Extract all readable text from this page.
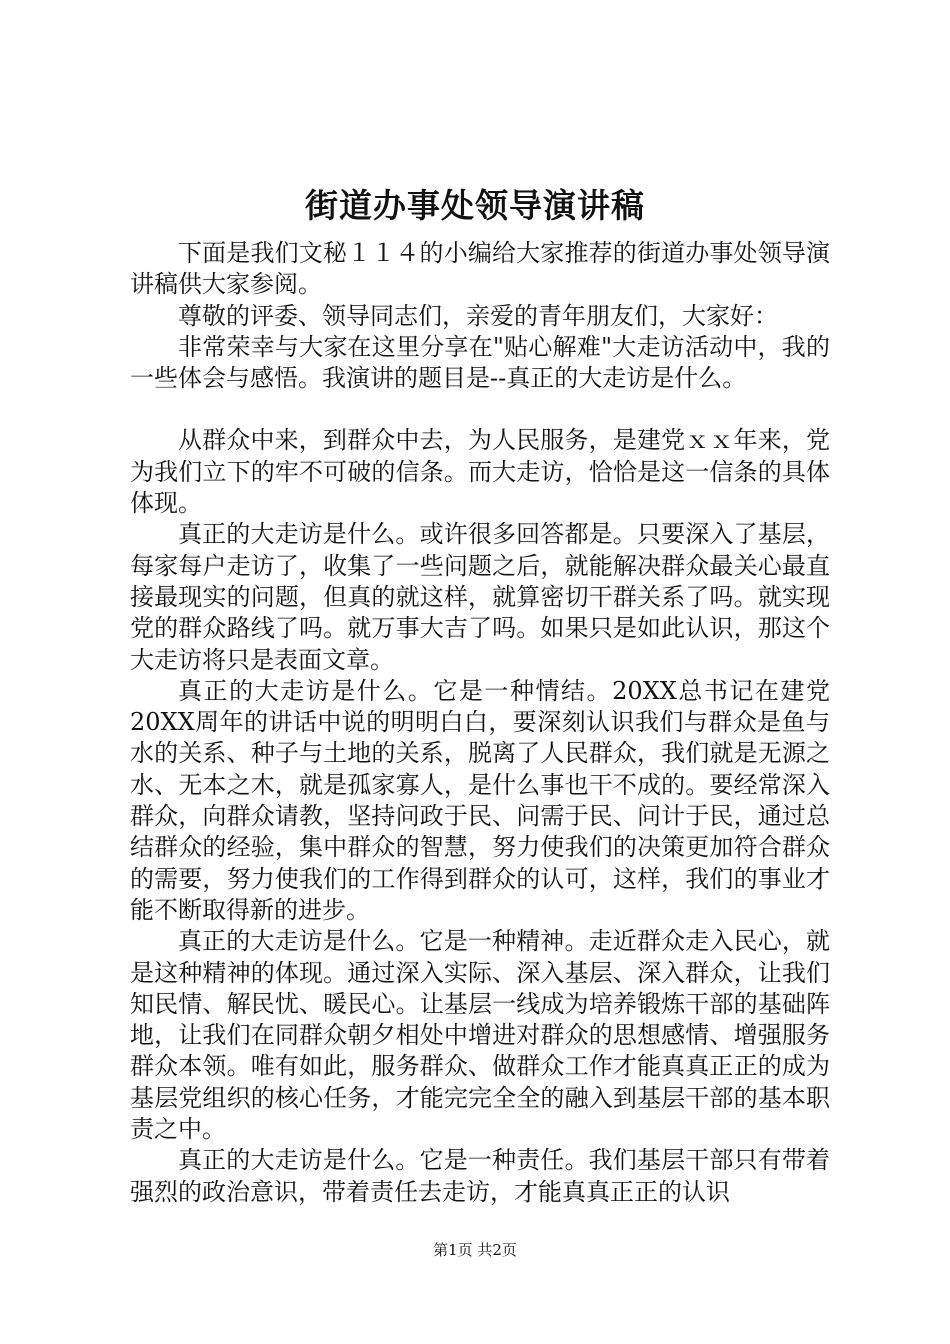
街道办事处领导演讲稿

下面是我们文秘１１４的小编给大家推荐的街道办事处领导演讲稿供大家参阅。

尊敬的评委、领导同志们，亲爱的青年朋友们，大家好：

非常荣幸与大家在这里分享在"贴心解难"大走访活动中，我的一些体会与感悟。我演讲的题目是--真正的大走访是什么。

从群众中来，到群众中去，为人民服务，是建党ｘｘ年来，党为我们立下的牢不可破的信条。而大走访，恰恰是这一信条的具体体现。

真正的大走访是什么。或许很多回答都是。只要深入了基层，每家每户走访了，收集了一些问题之后，就能解决群众最关心最直接最现实的问题，但真的就这样，就算密切干群关系了吗。就实现党的群众路线了吗。就万事大吉了吗。如果只是如此认识，那这个大走访将只是表面文章。

真正的大走访是什么。它是一种情结。20XX总书记在建党20XX周年的讲话中说的明明白白，要深刻认识我们与群众是鱼与水的关系、种子与土地的关系，脱离了人民群众，我们就是无源之水、无本之木，就是孤家寡人，是什么事也干不成的。要经常深入群众，向群众请教，坚持问政于民、问需于民、问计于民，通过总结群众的经验，集中群众的智慧，努力使我们的决策更加符合群众的需要，努力使我们的工作得到群众的认可，这样，我们的事业才能不断取得新的进步。

真正的大走访是什么。它是一种精神。走近群众走入民心，就是这种精神的体现。通过深入实际、深入基层、深入群众，让我们知民情、解民忧、暖民心。让基层一线成为培养锻炼干部的基础阵地，让我们在同群众朝夕相处中增进对群众的思想感情、增强服务群众本领。唯有如此，服务群众、做群众工作才能真真正正的成为基层党组织的核心任务，才能完完全全的融入到基层干部的基本职责之中。

真正的大走访是什么。它是一种责任。我们基层干部只有带着强烈的政治意识，带着责任去走访，才能真真正正的认识

第1页 共2页
